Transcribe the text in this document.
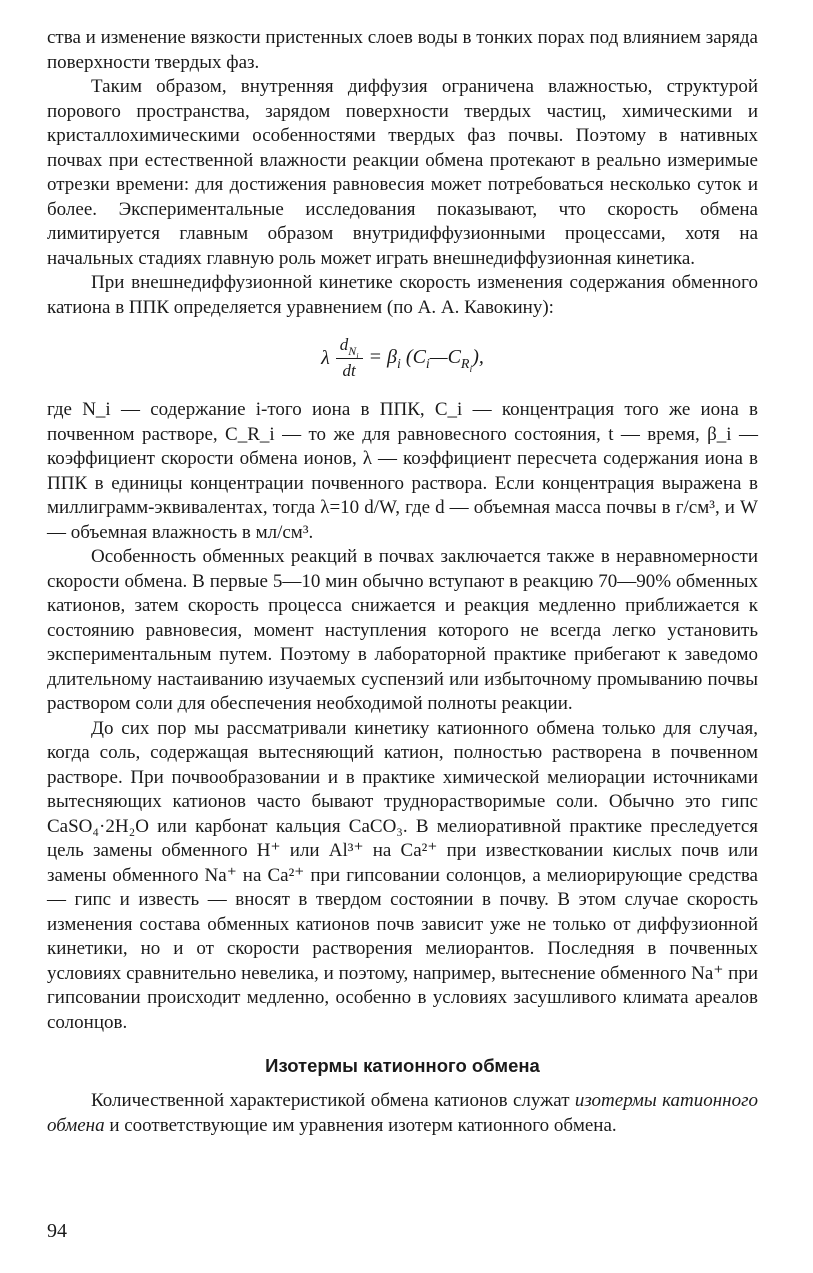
ства и изменение вязкости пристенных слоев воды в тонких порах под влиянием заряда поверхности твердых фаз.

Таким образом, внутренняя диффузия ограничена влажностью, структурой порового пространства, зарядом поверхности твердых частиц, химическими и кристаллохимическими особенностями твердых фаз почвы. Поэтому в нативных почвах при естественной влажности реакции обмена протекают в реально измеримые отрезки времени: для достижения равновесия может потребоваться несколько суток и более. Экспериментальные исследования показывают, что скорость обмена лимитируется главным образом внутридиффузионными процессами, хотя на начальных стадиях главную роль может играть внешнедиффузионная кинетика.

При внешнедиффузионной кинетике скорость изменения содержания обменного катиона в ППК определяется уравнением (по А. А. Кавокину):

λ $\frac{d_{N_i}}{dt} = \beta_i$ $(C_i—C_{R_i})$,

где N_i — содержание i-того иона в ППК, C_i — концентрация того же иона в почвенном растворе, C_R_i — то же для равновесного состояния, t — время, β_i — коэффициент скорости обмена ионов, λ — коэффициент пересчета содержания иона в ППК в единицы концентрации почвенного раствора. Если концентрация выражена в миллиграмм-эквивалентах, тогда λ=10 d/W, где d — объемная масса почвы в г/см³, и W — объемная влажность в мл/см³.

Особенность обменных реакций в почвах заключается также в неравномерности скорости обмена. В первые 5—10 мин обычно вступают в реакцию 70—90% обменных катионов, затем скорость процесса снижается и реакция медленно приближается к состоянию равновесия, момент наступления которого не всегда легко установить экспериментальным путем. Поэтому в лабораторной практике прибегают к заведомо длительному настаиванию изучаемых суспензий или избыточному промыванию почвы раствором соли для обеспечения необходимой полноты реакции.

До сих пор мы рассматривали кинетику катионного обмена только для случая, когда соль, содержащая вытесняющий катион, полностью растворена в почвенном растворе. При почвообразовании и в практике химической мелиорации источниками вытесняющих катионов часто бывают труднорастворимые соли. Обычно это гипс CaSO₄·2H₂O или карбонат кальция CaCO₃. В мелиоративной практике преследуется цель замены обменного H⁺ или Al³⁺ на Ca²⁺ при известковании кислых почв или замены обменного Na⁺ на Ca²⁺ при гипсовании солонцов, а мелиорирующие средства — гипс и известь — вносят в твердом состоянии в почву. В этом случае скорость изменения состава обменных катионов почв зависит уже не только от диффузионной кинетики, но и от скорости растворения мелиорантов. Последняя в почвенных условиях сравнительно невелика, и поэтому, например, вытеснение обменного Na⁺ при гипсовании происходит медленно, особенно в условиях засушливого климата ареалов солонцов.

Изотермы катионного обмена

Количественной характеристикой обмена катионов служат изотермы катионного обмена и соответствующие им уравнения изотерм катионного обмена.

94
